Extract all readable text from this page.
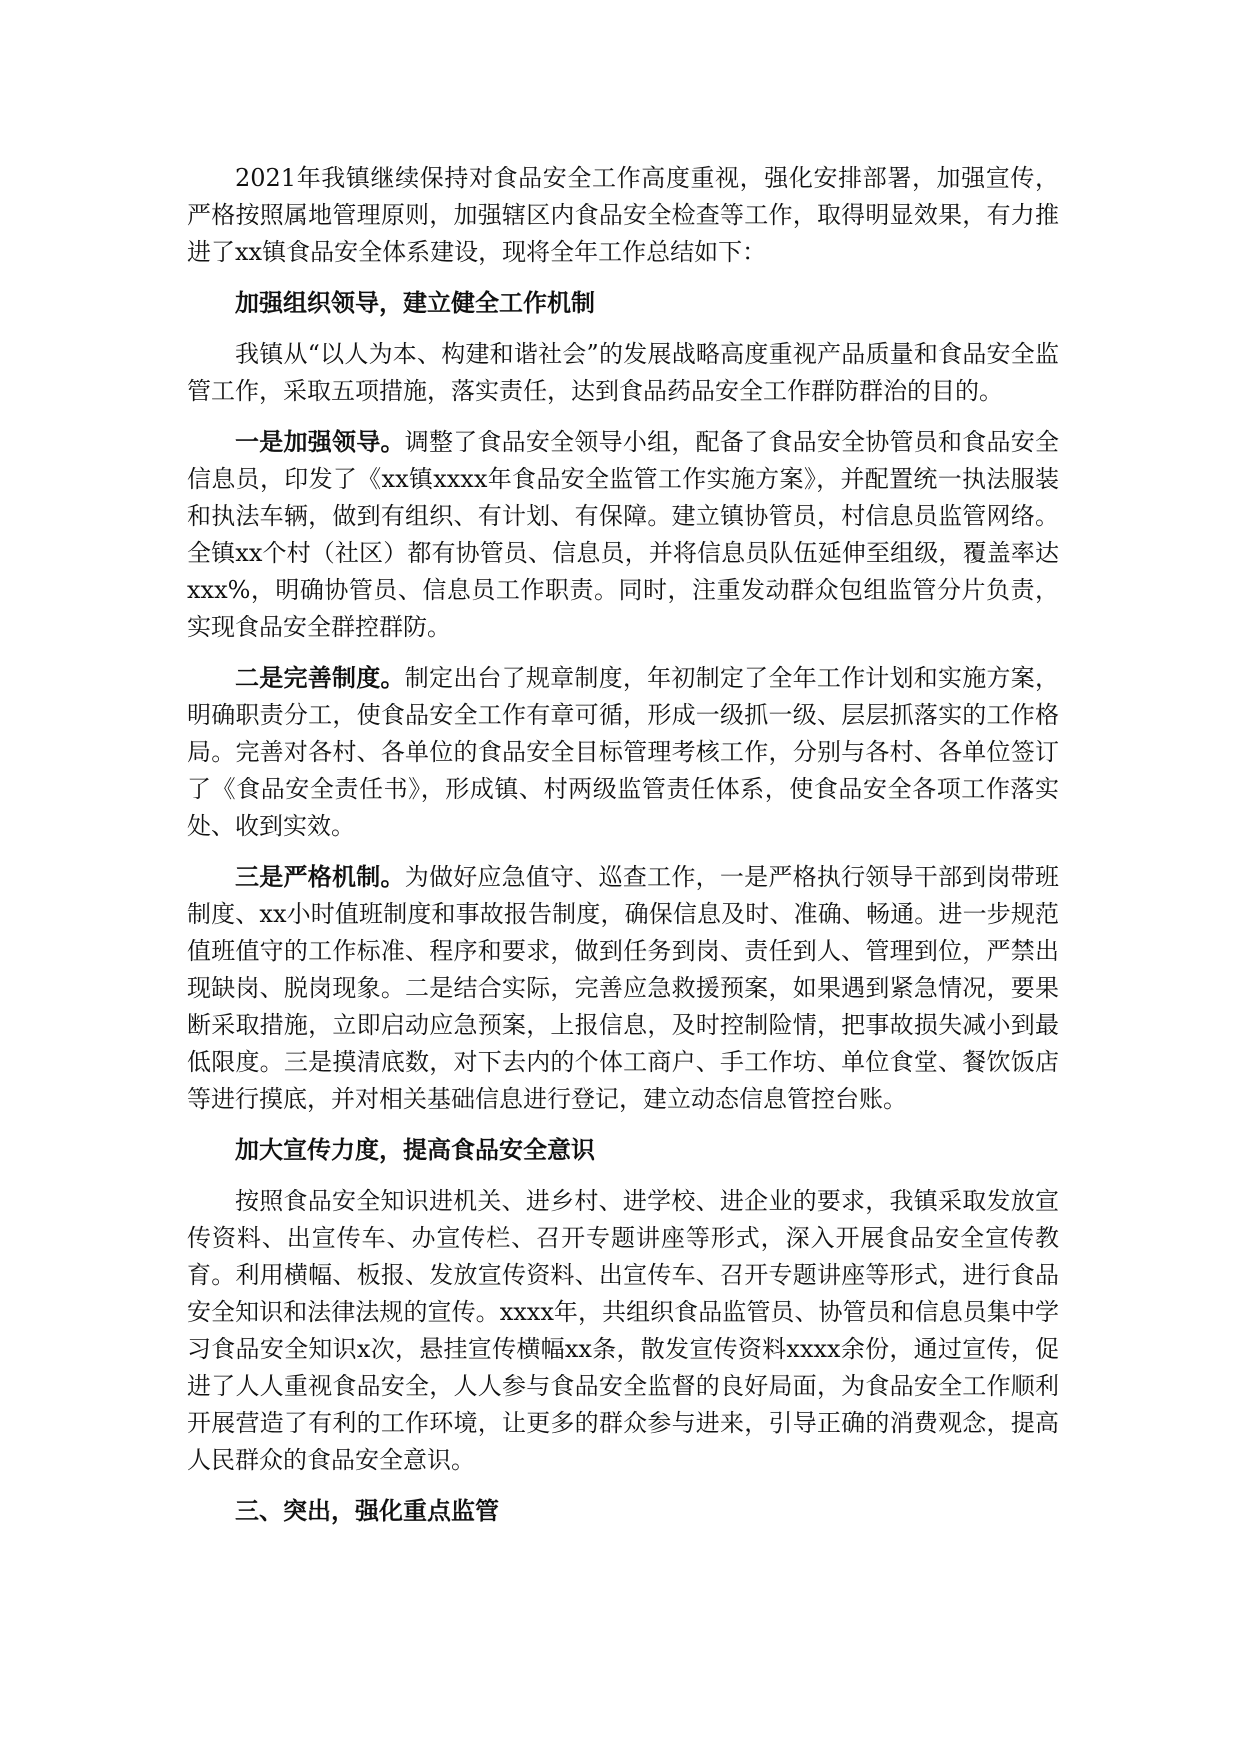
2021年我镇继续保持对食品安全工作高度重视，强化安排部署，加强宣传，严格按照属地管理原则，加强辖区内食品安全检查等工作，取得明显效果，有力推进了xx镇食品安全体系建设，现将全年工作总结如下：

加强组织领导，建立健全工作机制

我镇从“以人为本、构建和谐社会”的发展战略高度重视产品质量和食品安全监管工作，采取五项措施，落实责任，达到食品药品安全工作群防群治的目的。

一是加强领导。调整了食品安全领导小组，配备了食品安全协管员和食品安全信息员，印发了《xx镇xxxx年食品安全监管工作实施方案》，并配置统一执法服装和执法车辆，做到有组织、有计划、有保障。建立镇协管员，村信息员监管网络。全镇xx个村（社区）都有协管员、信息员，并将信息员队伍延伸至组级，覆盖率达xxx%，明确协管员、信息员工作职责。同时，注重发动群众包组监管分片负责，实现食品安全群控群防。

二是完善制度。制定出台了规章制度，年初制定了全年工作计划和实施方案，明确职责分工，使食品安全工作有章可循，形成一级抓一级、层层抓落实的工作格局。完善对各村、各单位的食品安全目标管理考核工作，分别与各村、各单位签订了《食品安全责任书》，形成镇、村两级监管责任体系，使食品安全各项工作落实处、收到实效。

三是严格机制。为做好应急值守、巡查工作，一是严格执行领导干部到岗带班制度、xx小时值班制度和事故报告制度，确保信息及时、准确、畅通。进一步规范值班值守的工作标准、程序和要求，做到任务到岗、责任到人、管理到位，严禁出现缺岗、脱岗现象。二是结合实际，完善应急救援预案，如果遇到紧急情况，要果断采取措施，立即启动应急预案，上报信息，及时控制险情，把事故损失减小到最低限度。三是摸清底数，对下去内的个体工商户、手工作坊、单位食堂、餐饮饭店等进行摸底，并对相关基础信息进行登记，建立动态信息管控台账。

加大宣传力度，提高食品安全意识

按照食品安全知识进机关、进乡村、进学校、进企业的要求，我镇采取发放宣传资料、出宣传车、办宣传栏、召开专题讲座等形式，深入开展食品安全宣传教育。利用横幅、板报、发放宣传资料、出宣传车、召开专题讲座等形式，进行食品安全知识和法律法规的宣传。xxxx年，共组织食品监管员、协管员和信息员集中学习食品安全知识x次，悬挂宣传横幅xx条，散发宣传资料xxxx余份，通过宣传，促进了人人重视食品安全，人人参与食品安全监督的良好局面，为食品安全工作顺利开展营造了有利的工作环境，让更多的群众参与进来，引导正确的消费观念，提高人民群众的食品安全意识。

三、突出，强化重点监管
